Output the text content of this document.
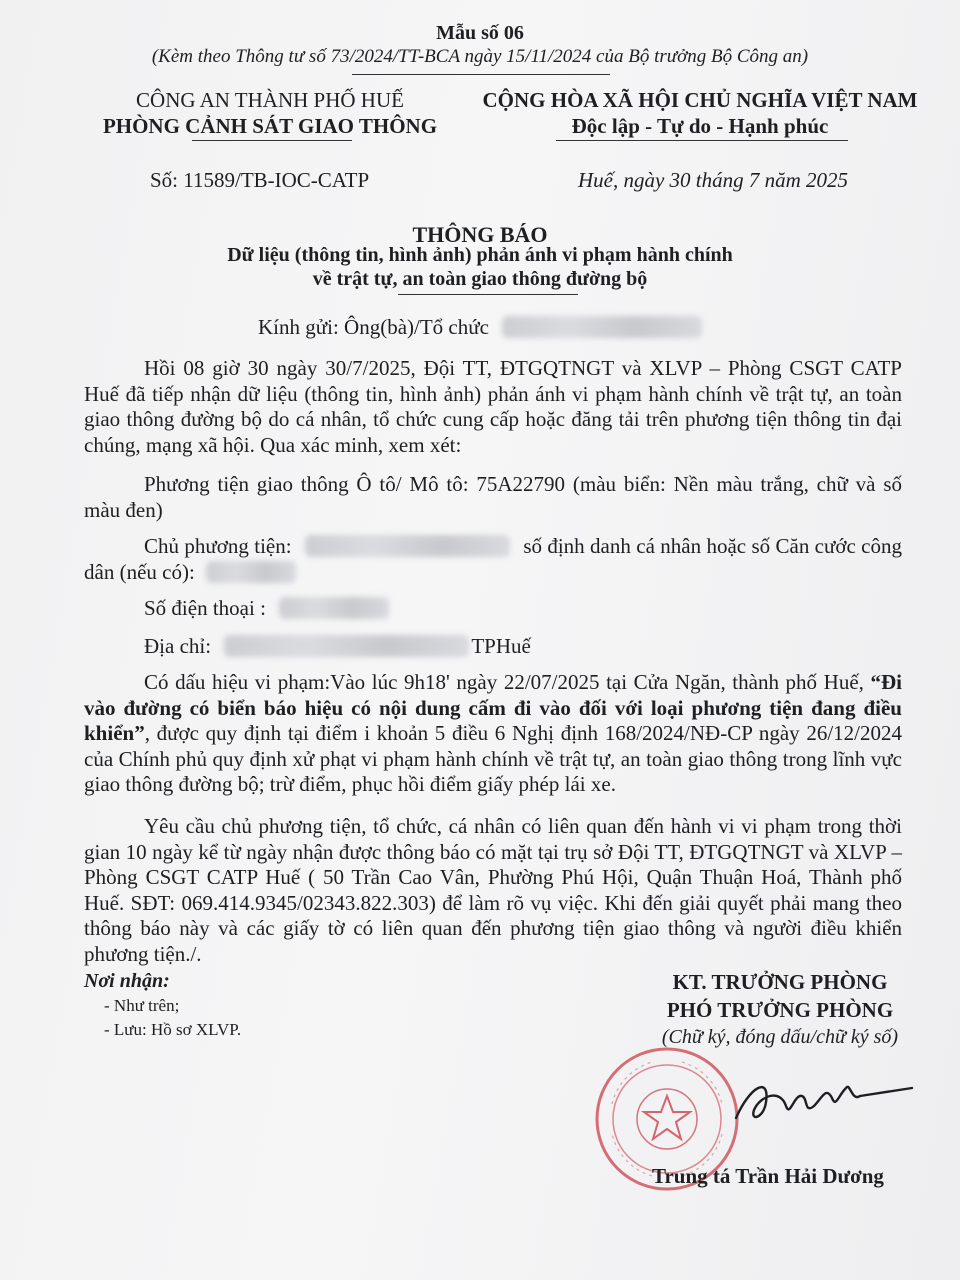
Mẫu số 06
(Kèm theo Thông tư số 73/2024/TT-BCA ngày 15/11/2024 của Bộ trưởng Bộ Công an)
CÔNG AN THÀNH PHỐ HUẾ
PHÒNG CẢNH SÁT GIAO THÔNG
CỘNG HÒA XÃ HỘI CHỦ NGHĨA VIỆT NAM
Độc lập - Tự do - Hạnh phúc
Số: 11589/TB-IOC-CATP	Huế, ngày 30 tháng 7 năm 2025
THÔNG BÁO
Dữ liệu (thông tin, hình ảnh) phản ánh vi phạm hành chính
về trật tự, an toàn giao thông đường bộ
Kính gửi: Ông(bà)/Tổ chức
Hồi 08 giờ 30 ngày 30/7/2025, Đội TT, ĐTGQTNGT và XLVP – Phòng CSGT CATP Huế đã tiếp nhận dữ liệu (thông tin, hình ảnh) phản ánh vi phạm hành chính về trật tự, an toàn giao thông đường bộ do cá nhân, tổ chức cung cấp hoặc đăng tải trên phương tiện thông tin đại chúng, mạng xã hội. Qua xác minh, xem xét:
Phương tiện giao thông Ô tô/ Mô tô: 75A22790 (màu biển: Nền màu trắng, chữ và số màu đen)
Chủ phương tiện:	số định danh cá nhân hoặc số Căn cước công dân (nếu có):
Số điện thoại :
Địa chỉ:	TPHuế
Có dấu hiệu vi phạm:Vào lúc 9h18' ngày 22/07/2025 tại Cửa Ngăn, thành phố Huế, “Đi vào đường có biển báo hiệu có nội dung cấm đi vào đối với loại phương tiện đang điều khiển”, được quy định tại điểm i khoản 5 điều 6 Nghị định 168/2024/NĐ-CP ngày 26/12/2024 của Chính phủ quy định xử phạt vi phạm hành chính về trật tự, an toàn giao thông trong lĩnh vực giao thông đường bộ; trừ điểm, phục hồi điểm giấy phép lái xe.
Yêu cầu chủ phương tiện, tổ chức, cá nhân có liên quan đến hành vi vi phạm trong thời gian 10 ngày kể từ ngày nhận được thông báo có mặt tại trụ sở Đội TT, ĐTGQTNGT và XLVP – Phòng CSGT CATP Huế ( 50 Trần Cao Vân, Phường Phú Hội, Quận Thuận Hoá, Thành phố Huế. SĐT: 069.414.9345/02343.822.303) để làm rõ vụ việc. Khi đến giải quyết phải mang theo thông báo này và các giấy tờ có liên quan đến phương tiện giao thông và người điều khiển phương tiện./.
Nơi nhận:
- Như trên;
- Lưu: Hồ sơ XLVP.
KT. TRƯỞNG PHÒNG
PHÓ TRƯỞNG PHÒNG
(Chữ ký, đóng dấu/chữ ký số)
Trung tá Trần Hải Dương
